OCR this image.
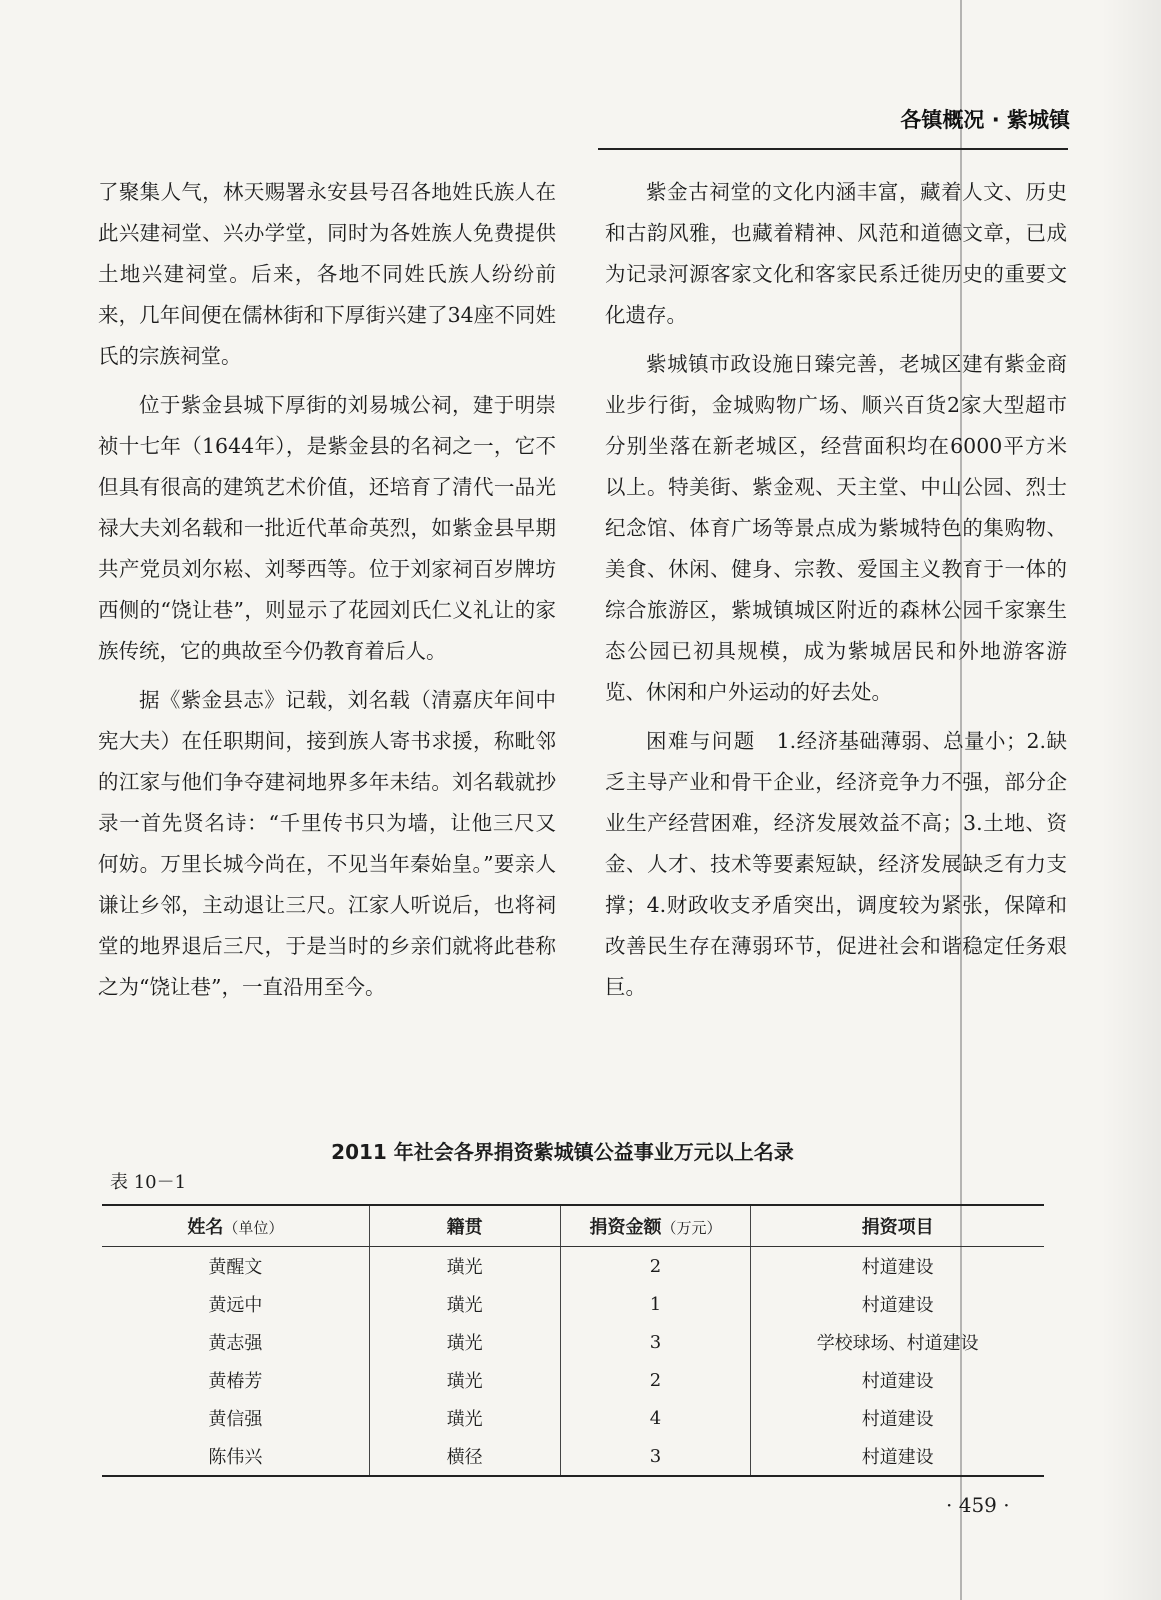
各镇概况 · 紫城镇

了聚集人气，林天赐署永安县号召各地姓氏族人在此兴建祠堂、兴办学堂，同时为各姓族人免费提供土地兴建祠堂。后来，各地不同姓氏族人纷纷前来，几年间便在儒林街和下厚街兴建了34座不同姓氏的宗族祠堂。

位于紫金县城下厚街的刘易城公祠，建于明崇祯十七年（1644年），是紫金县的名祠之一，它不但具有很高的建筑艺术价值，还培育了清代一品光禄大夫刘名载和一批近代革命英烈，如紫金县早期共产党员刘尔崧、刘琴西等。位于刘家祠百岁牌坊西侧的“饶让巷”，则显示了花园刘氏仁义礼让的家族传统，它的典故至今仍教育着后人。

据《紫金县志》记载，刘名载（清嘉庆年间中宪大夫）在任职期间，接到族人寄书求援，称毗邻的江家与他们争夺建祠地界多年未结。刘名载就抄录一首先贤名诗：“千里传书只为墙，让他三尺又何妨。万里长城今尚在，不见当年秦始皇。”要亲人谦让乡邻，主动退让三尺。江家人听说后，也将祠堂的地界退后三尺，于是当时的乡亲们就将此巷称之为“饶让巷”，一直沿用至今。

紫金古祠堂的文化内涵丰富，藏着人文、历史和古韵风雅，也藏着精神、风范和道德文章，已成为记录河源客家文化和客家民系迁徙历史的重要文化遗存。

紫城镇市政设施日臻完善，老城区建有紫金商业步行街，金城购物广场、顺兴百货2家大型超市分别坐落在新老城区，经营面积均在6000平方米以上。特美街、紫金观、天主堂、中山公园、烈士纪念馆、体育广场等景点成为紫城特色的集购物、美食、休闲、健身、宗教、爱国主义教育于一体的综合旅游区，紫城镇城区附近的森林公园千家寨生态公园已初具规模，成为紫城居民和外地游客游览、休闲和户外运动的好去处。

困难与问题　 1.经济基础薄弱、总量小；2.缺乏主导产业和骨干企业，经济竞争力不强，部分企业生产经营困难，经济发展效益不高；3.土地、资金、人才、技术等要素短缺，经济发展缺乏有力支撑；4.财政收支矛盾突出，调度较为紧张，保障和改善民生存在薄弱环节，促进社会和谐稳定任务艰巨。

2011 年社会各界捐资紫城镇公益事业万元以上名录
表 10－1
姓名（单位）	籍贯	捐资金额（万元）	捐资项目
黄醒文	璜光	2	村道建设
黄远中	璜光	1	村道建设
黄志强	璜光	3	学校球场、村道建设
黄椿芳	璜光	2	村道建设
黄信强	璜光	4	村道建设
陈伟兴	横径	3	村道建设
· 459 ·
